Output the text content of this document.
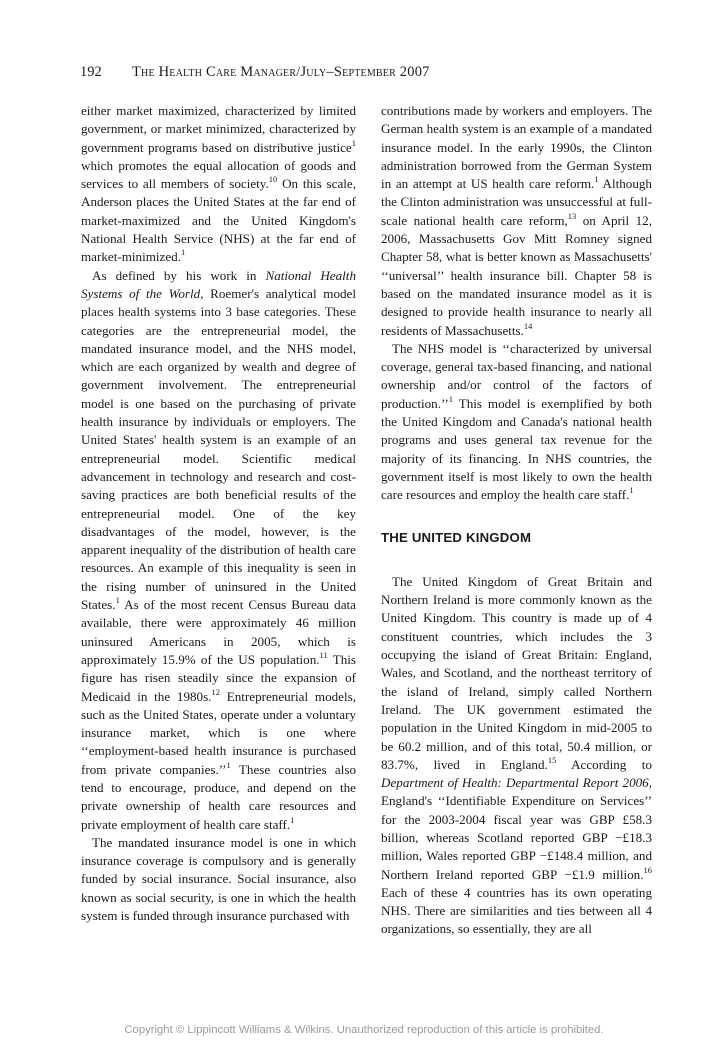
192 The Health Care Manager/July–September 2007

either market maximized, characterized by limited government, or market minimized, characterized by government programs based on distributive justice$^1$ which promotes the equal allocation of goods and services to all members of society.$^{10}$ On this scale, Anderson places the United States at the far end of market-maximized and the United Kingdom's National Health Service (NHS) at the far end of market-minimized.$^1$

As defined by his work in National Health Systems of the World, Roemer's analytical model places health systems into 3 base categories. These categories are the entrepreneurial model, the mandated insurance model, and the NHS model, which are each organized by wealth and degree of government involvement. The entrepreneurial model is one based on the purchasing of private health insurance by individuals or employers. The United States' health system is an example of an entrepreneurial model. Scientific medical advancement in technology and research and cost-saving practices are both beneficial results of the entrepreneurial model. One of the key disadvantages of the model, however, is the apparent inequality of the distribution of health care resources. An example of this inequality is seen in the rising number of uninsured in the United States.$^1$ As of the most recent Census Bureau data available, there were approximately 46 million uninsured Americans in 2005, which is approximately 15.9% of the US population.$^{11}$ This figure has risen steadily since the expansion of Medicaid in the 1980s.$^{12}$ Entrepreneurial models, such as the United States, operate under a voluntary insurance market, which is one where ‘‘employment-based health insurance is purchased from private companies.’’$^1$ These countries also tend to encourage, produce, and depend on the private ownership of health care resources and private employment of health care staff.$^1$

The mandated insurance model is one in which insurance coverage is compulsory and is generally funded by social insurance. Social insurance, also known as social security, is one in which the health system is funded through insurance purchased with

contributions made by workers and employers. The German health system is an example of a mandated insurance model. In the early 1990s, the Clinton administration borrowed from the German System in an attempt at US health care reform.$^1$ Although the Clinton administration was unsuccessful at full-scale national health care reform,$^{13}$ on April 12, 2006, Massachusetts Gov Mitt Romney signed Chapter 58, what is better known as Massachusetts' ‘‘universal’’ health insurance bill. Chapter 58 is based on the mandated insurance model as it is designed to provide health insurance to nearly all residents of Massachusetts.$^{14}$

The NHS model is ‘‘characterized by universal coverage, general tax-based financing, and national ownership and/or control of the factors of production.’’$^1$ This model is exemplified by both the United Kingdom and Canada's national health programs and uses general tax revenue for the majority of its financing. In NHS countries, the government itself is most likely to own the health care resources and employ the health care staff.$^1$

THE UNITED KINGDOM

The United Kingdom of Great Britain and Northern Ireland is more commonly known as the United Kingdom. This country is made up of 4 constituent countries, which includes the 3 occupying the island of Great Britain: England, Wales, and Scotland, and the northeast territory of the island of Ireland, simply called Northern Ireland. The UK government estimated the population in the United Kingdom in mid-2005 to be 60.2 million, and of this total, 50.4 million, or 83.7%, lived in England.$^{15}$ According to Department of Health: Departmental Report 2006, England's ‘‘Identifiable Expenditure on Services’’ for the 2003-2004 fiscal year was GBP £58.3 billion, whereas Scotland reported GBP −£18.3 million, Wales reported GBP −£148.4 million, and Northern Ireland reported GBP −£1.9 million.$^{16}$ Each of these 4 countries has its own operating NHS. There are similarities and ties between all 4 organizations, so essentially, they are all

Copyright © Lippincott Williams & Wilkins. Unauthorized reproduction of this article is prohibited.
